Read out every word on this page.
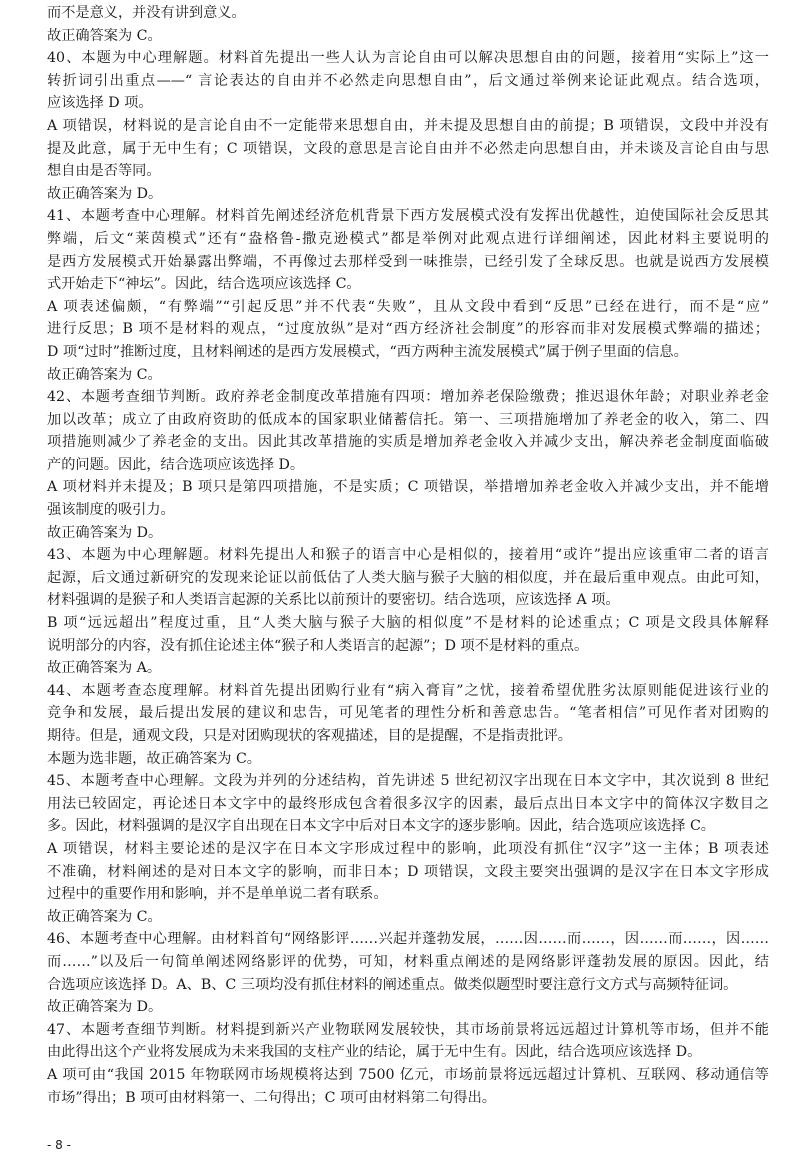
而不是意义，并没有讲到意义。
故正确答案为 C。
40、本题为中心理解题。材料首先提出一些人认为言论自由可以解决思想自由的问题，接着用“实际上”这一
转折词引出重点——“ 言论表达的自由并不必然走向思想自由”，后文通过举例来论证此观点。结合选项，
应该选择 D 项。
A 项错误，材料说的是言论自由不一定能带来思想自由，并未提及思想自由的前提；B 项错误，文段中并没有
提及此意，属于无中生有；C 项错误，文段的意思是言论自由并不必然走向思想自由，并未谈及言论自由与思
想自由是否等同。
故正确答案为 D。
41、本题考查中心理解。材料首先阐述经济危机背景下西方发展模式没有发挥出优越性，迫使国际社会反思其
弊端，后文“莱茵模式”还有“盎格鲁-撒克逊模式”都是举例对此观点进行详细阐述，因此材料主要说明的
是西方发展模式开始暴露出弊端，不再像过去那样受到一味推崇，已经引发了全球反思。也就是说西方发展模
式开始走下“神坛”。因此，结合选项应该选择 C。
A 项表述偏颇，“有弊端”“引起反思”并不代表“失败”，且从文段中看到“反思”已经在进行，而不是“应”
进行反思；B 项不是材料的观点，“过度放纵”是对“西方经济社会制度”的形容而非对发展模式弊端的描述；
D 项“过时”推断过度，且材料阐述的是西方发展模式，“西方两种主流发展模式”属于例子里面的信息。
故正确答案为 C。
42、本题考查细节判断。政府养老金制度改革措施有四项：增加养老保险缴费；推迟退休年龄；对职业养老金
加以改革；成立了由政府资助的低成本的国家职业储蓄信托。第一、三项措施增加了养老金的收入，第二、四
项措施则减少了养老金的支出。因此其改革措施的实质是增加养老金收入并减少支出，解决养老金制度面临破
产的问题。因此，结合选项应该选择 D。
A 项材料并未提及；B 项只是第四项措施，不是实质；C 项错误，举措增加养老金收入并减少支出，并不能增
强该制度的吸引力。
故正确答案为 D。
43、本题为中心理解题。材料先提出人和猴子的语言中心是相似的，接着用“或许”提出应该重审二者的语言
起源，后文通过新研究的发现来论证以前低估了人类大脑与猴子大脑的相似度，并在最后重申观点。由此可知，
材料强调的是猴子和人类语言起源的关系比以前预计的要密切。结合选项，应该选择 A 项。
B 项“远远超出”程度过重，且“人类大脑与猴子大脑的相似度”不是材料的论述重点；C 项是文段具体解释
说明部分的内容，没有抓住论述主体“猴子和人类语言的起源”；D 项不是材料的重点。
故正确答案为 A。
44、本题考查态度理解。材料首先提出团购行业有“病入膏肓”之忧，接着希望优胜劣汰原则能促进该行业的
竞争和发展，最后提出发展的建议和忠告，可见笔者的理性分析和善意忠告。“笔者相信”可见作者对团购的
期待。但是，通观文段，只是对团购现状的客观描述，目的是提醒，不是指责批评。
本题为选非题，故正确答案为 C。
45、本题考查中心理解。文段为并列的分述结构，首先讲述 5 世纪初汉字出现在日本文字中，其次说到 8 世纪
用法已较固定，再论述日本文字中的最终形成包含着很多汉字的因素，最后点出日本文字中的简体汉字数目之
多。因此，材料强调的是汉字自出现在日本文字中后对日本文字的逐步影响。因此，结合选项应该选择 C。
A 项错误，材料主要论述的是汉字在日本文字形成过程中的影响，此项没有抓住“汉字”这一主体；B 项表述
不准确，材料阐述的是对日本文字的影响，而非日本；D 项错误，文段主要突出强调的是汉字在日本文字形成
过程中的重要作用和影响，并不是单单说二者有联系。
故正确答案为 C。
46、本题考查中心理解。由材料首句“网络影评……兴起并蓬勃发展，……因……而……，因……而……，因……
而……”以及后一句简单阐述网络影评的优势，可知，材料重点阐述的是网络影评蓬勃发展的原因。因此，结
合选项应该选择 D。A、B、C 三项均没有抓住材料的阐述重点。做类似题型时要注意行文方式与高频特征词。
故正确答案为 D。
47、本题考查细节判断。材料提到新兴产业物联网发展较快，其市场前景将远远超过计算机等市场，但并不能
由此得出这个产业将发展成为未来我国的支柱产业的结论，属于无中生有。因此，结合选项应该选择 D。
A 项可由“我国 2015 年物联网市场规模将达到 7500 亿元，市场前景将远远超过计算机、互联网、移动通信等
市场”得出；B 项可由材料第一、二句得出；C 项可由材料第二句得出。
- 8 -
